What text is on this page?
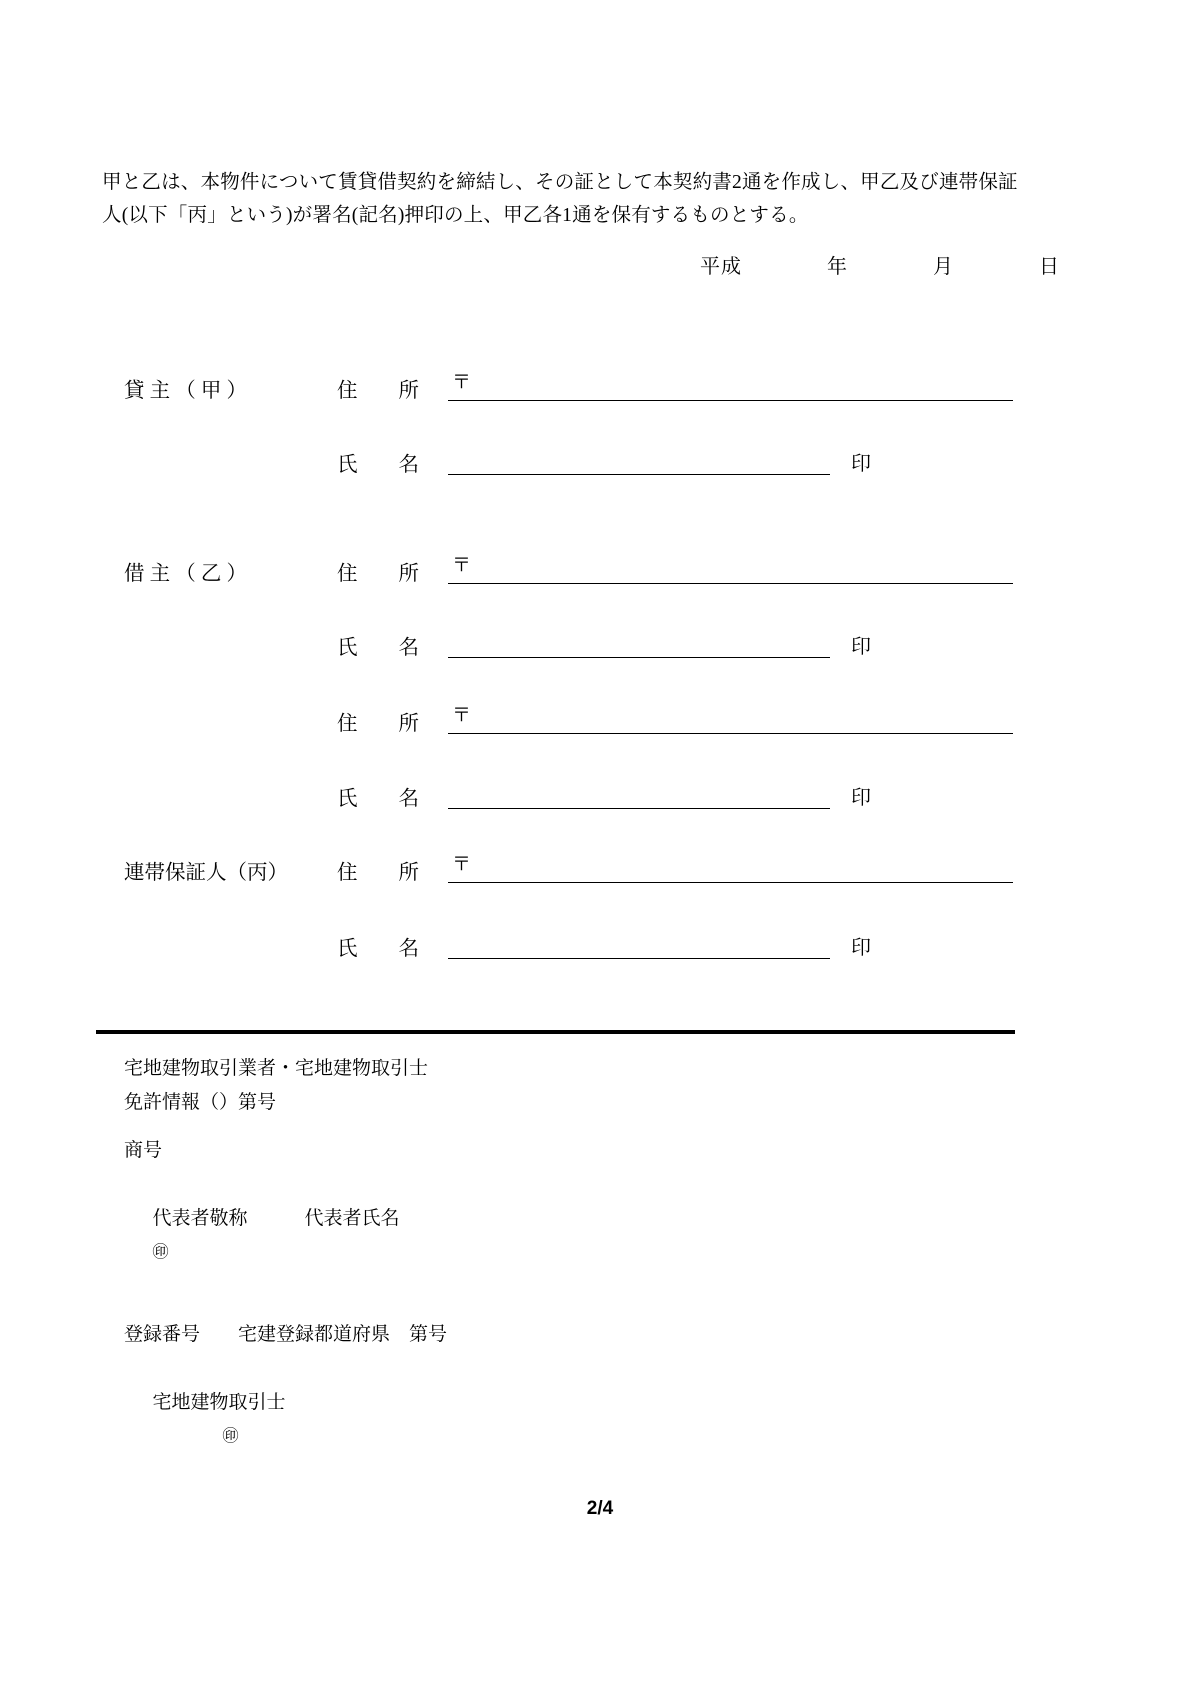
甲と乙は、本物件について賃貸借契約を締結し、その証として本契約書2通を作成し、甲乙及び連帯保証
人(以下「丙」という)が署名(記名)押印の上、甲乙各1通を保有するものとする。
平成	年	月	日
貸 主 （ 甲 ）	住　　所	〒
氏　　名	印
借 主 （ 乙 ）	住　　所	〒
氏　　名	印
住　　所	〒
氏　　名	印
連帯保証人（丙）	住　　所	〒
氏　　名	印
宅地建物取引業者・宅地建物取引士
免許情報（）第号
商号

代表者敬称　　　代表者氏名
㊞

登録番号　　宅建登録都道府県　第号

宅地建物取引士
㊞

2/4
